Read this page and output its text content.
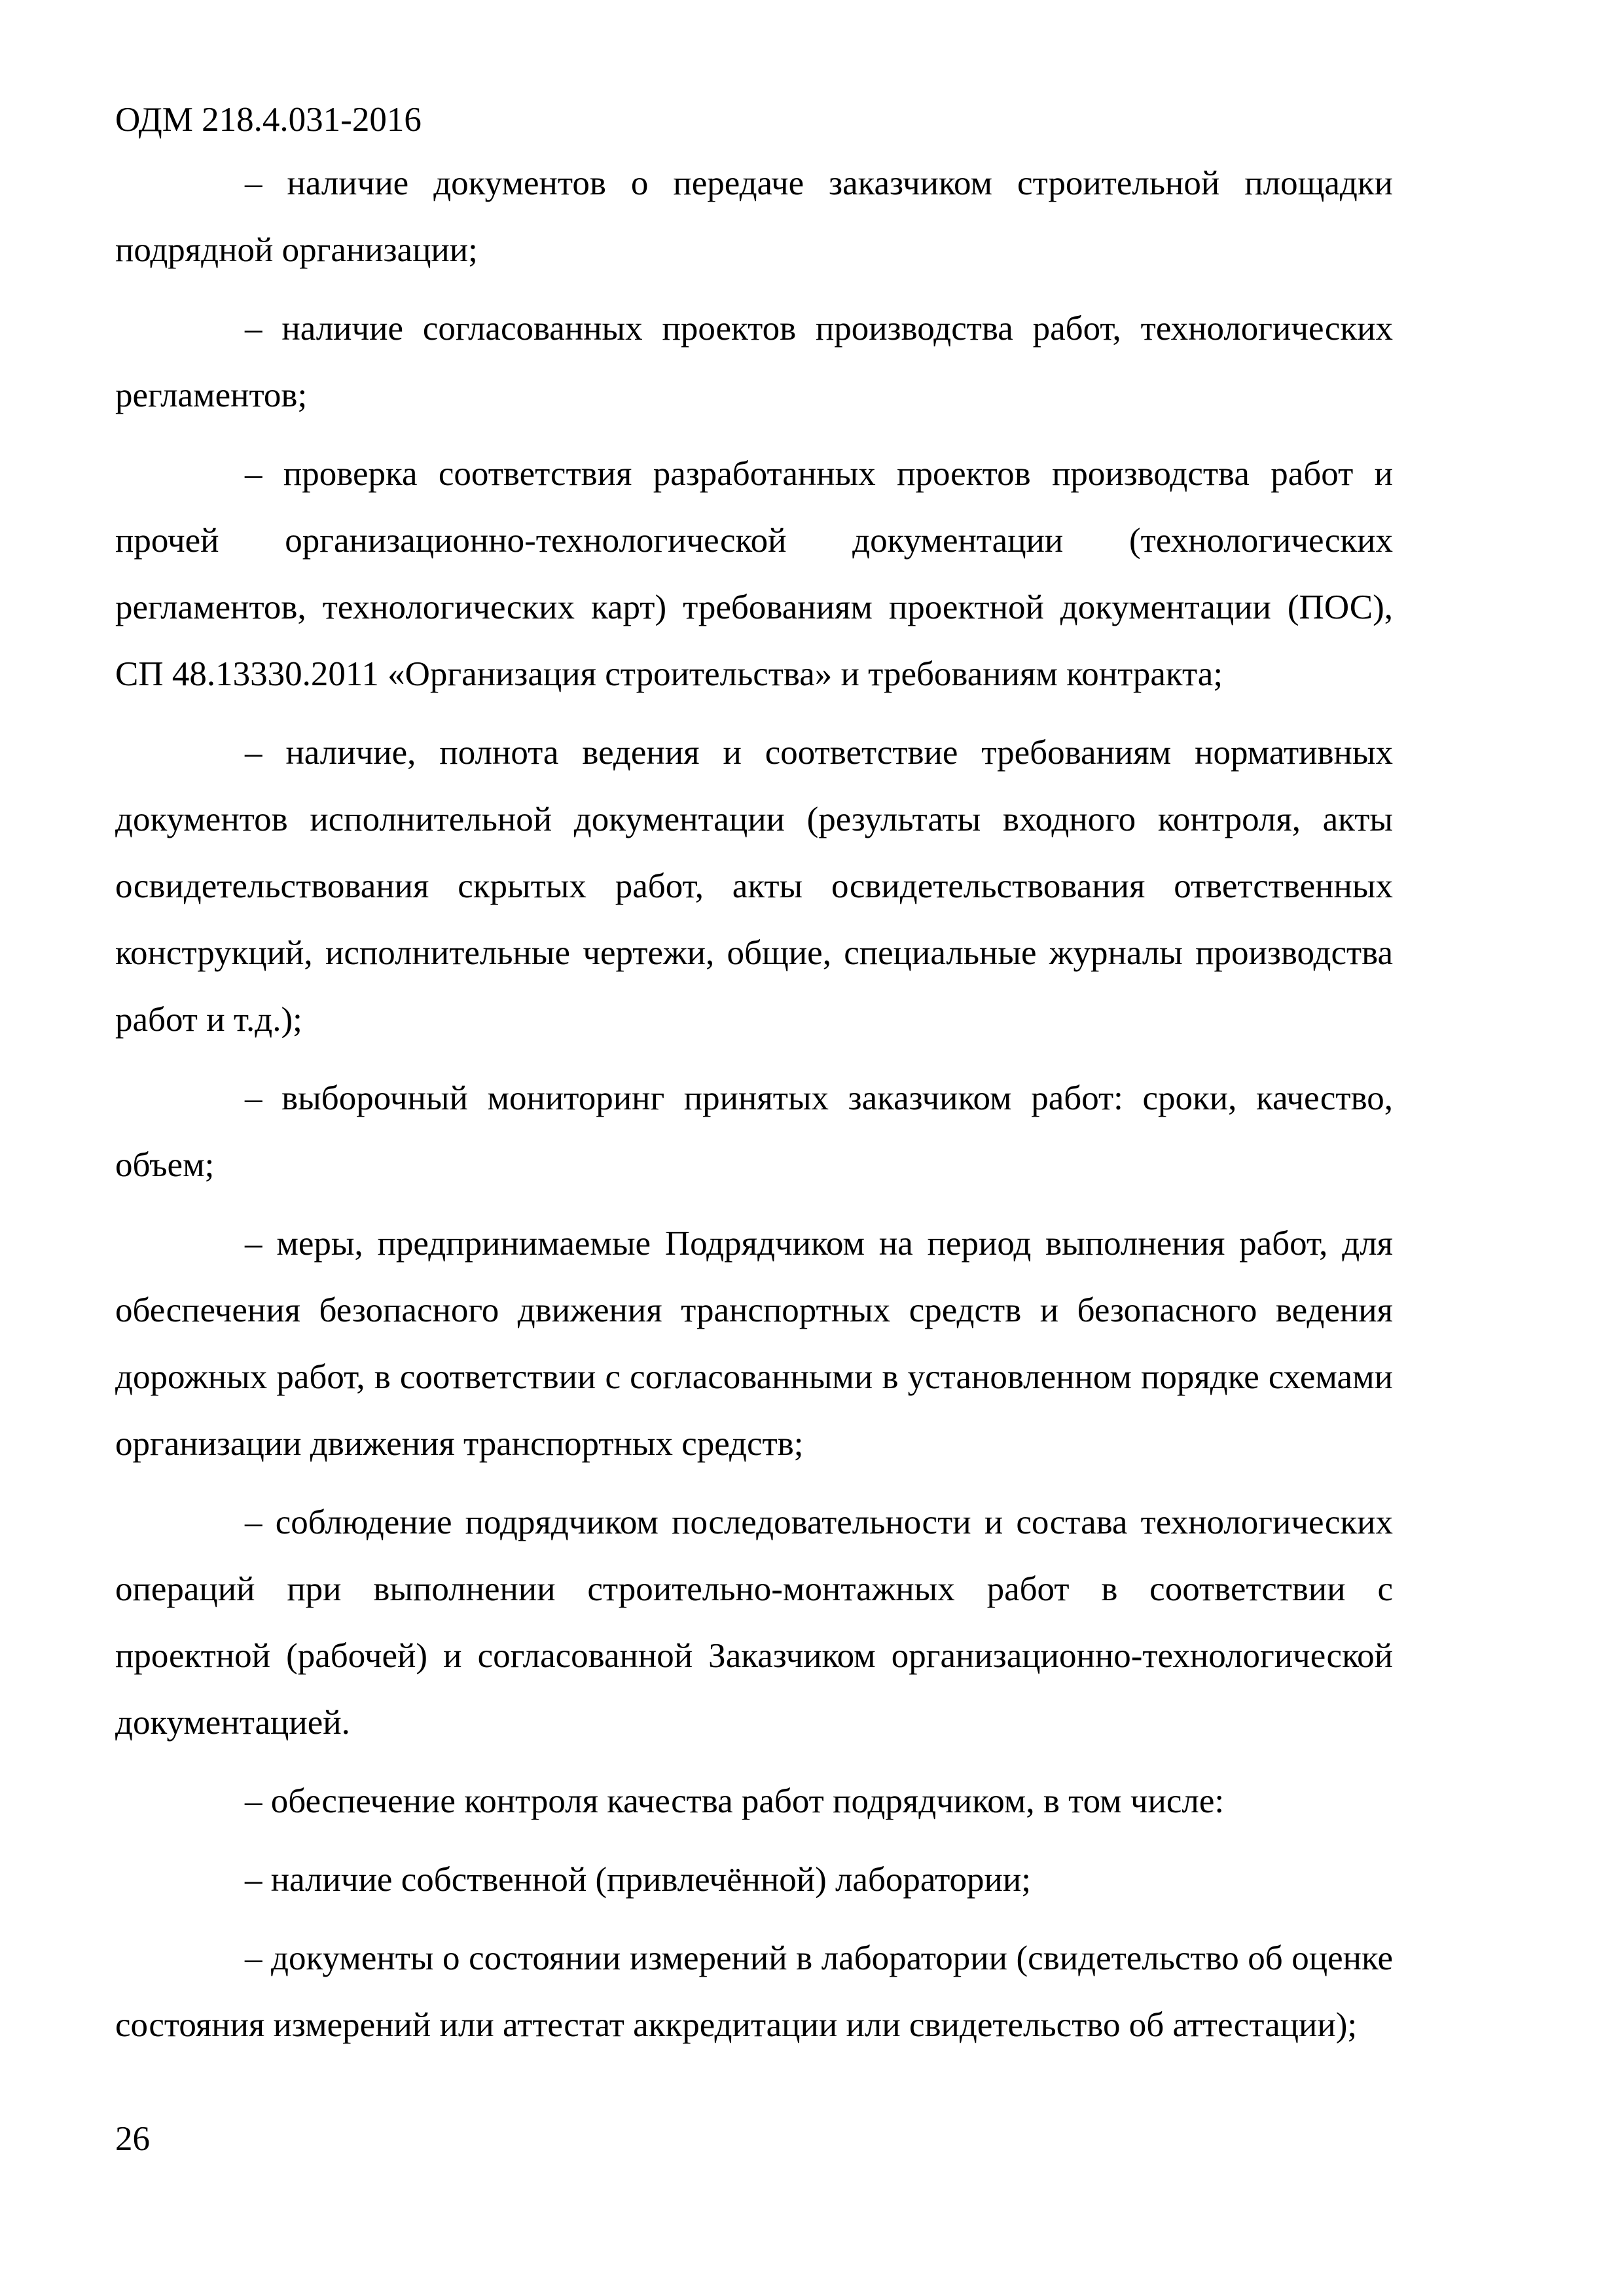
ОДМ 218.4.031-2016

– наличие документов о передаче заказчиком строительной площадки подрядной организации;

– наличие согласованных проектов производства работ, технологических регламентов;

– проверка соответствия разработанных проектов производства работ и прочей организационно-технологической документации (технологических регламентов, технологических карт) требованиям проектной документации (ПОС), СП 48.13330.2011 «Организация строительства» и требованиям контракта;

– наличие, полнота ведения и соответствие требованиям нормативных документов исполнительной документации (результаты входного контроля, акты освидетельствования скрытых работ, акты освидетельствования ответственных конструкций, исполнительные чертежи, общие, специальные журналы производства работ и т.д.);

– выборочный мониторинг принятых заказчиком работ: сроки, качество, объем;

– меры, предпринимаемые Подрядчиком на период выполнения работ, для обеспечения безопасного движения транспортных средств и безопасного ведения дорожных работ, в соответствии с согласованными в установленном порядке схемами организации движения транспортных средств;

– соблюдение подрядчиком последовательности и состава технологических операций при выполнении строительно-монтажных работ в соответствии с проектной (рабочей) и согласованной Заказчиком организационно-технологической документацией.

– обеспечение контроля качества работ подрядчиком, в том числе:

– наличие собственной (привлечённой) лаборатории;

– документы о состоянии измерений в лаборатории (свидетельство об оценке состояния измерений или аттестат аккредитации или свидетельство об аттестации);

26
